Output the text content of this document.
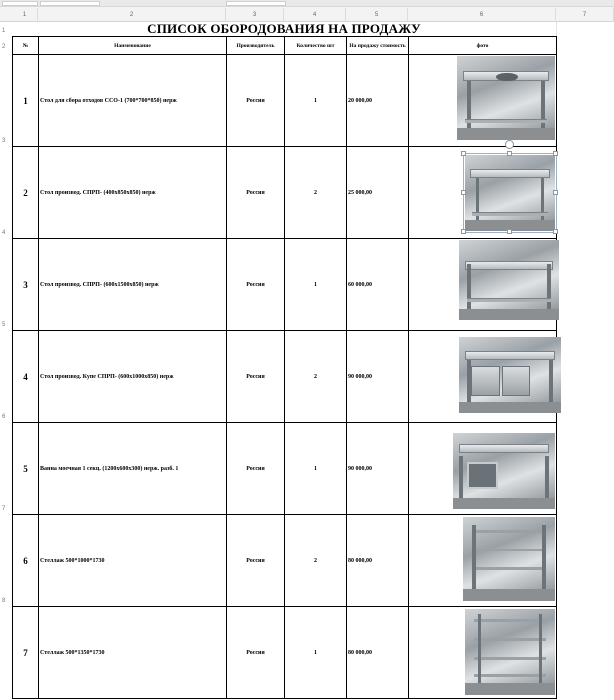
1	2	3	4	5	6	7
1
2
3
4
5
6
7
8
СПИСОК ОБОРОДОВАНИЯ НА ПРОДАЖУ
№	Наименование	Производитель	Количество шт	На продажу стоимость	фото
1	Стол для сбора отходов ССО-1 (700*700*850) нерж	Россия	1	20 000,00	

2	Стол производ. СПРП- (400х850х850) нерж	Россия	2	25 000,00	

3	Стол производ. СПРП- (600х1500х850) нерж	Россия	1	60 000,00	

4	Стол производ. Купе СПРП- (600х1000х850) нерж	Россия	2	90 000,00	

5	Ванна моечная 1 секц. (1200х600х300) нерж. разб. 1	Россия	1	90 000,00	

6	Стеллаж 500*1000*1730	Россия	2	80 000,00	

7	Стеллаж 500*1350*1730	Россия	1	80 000,00	
